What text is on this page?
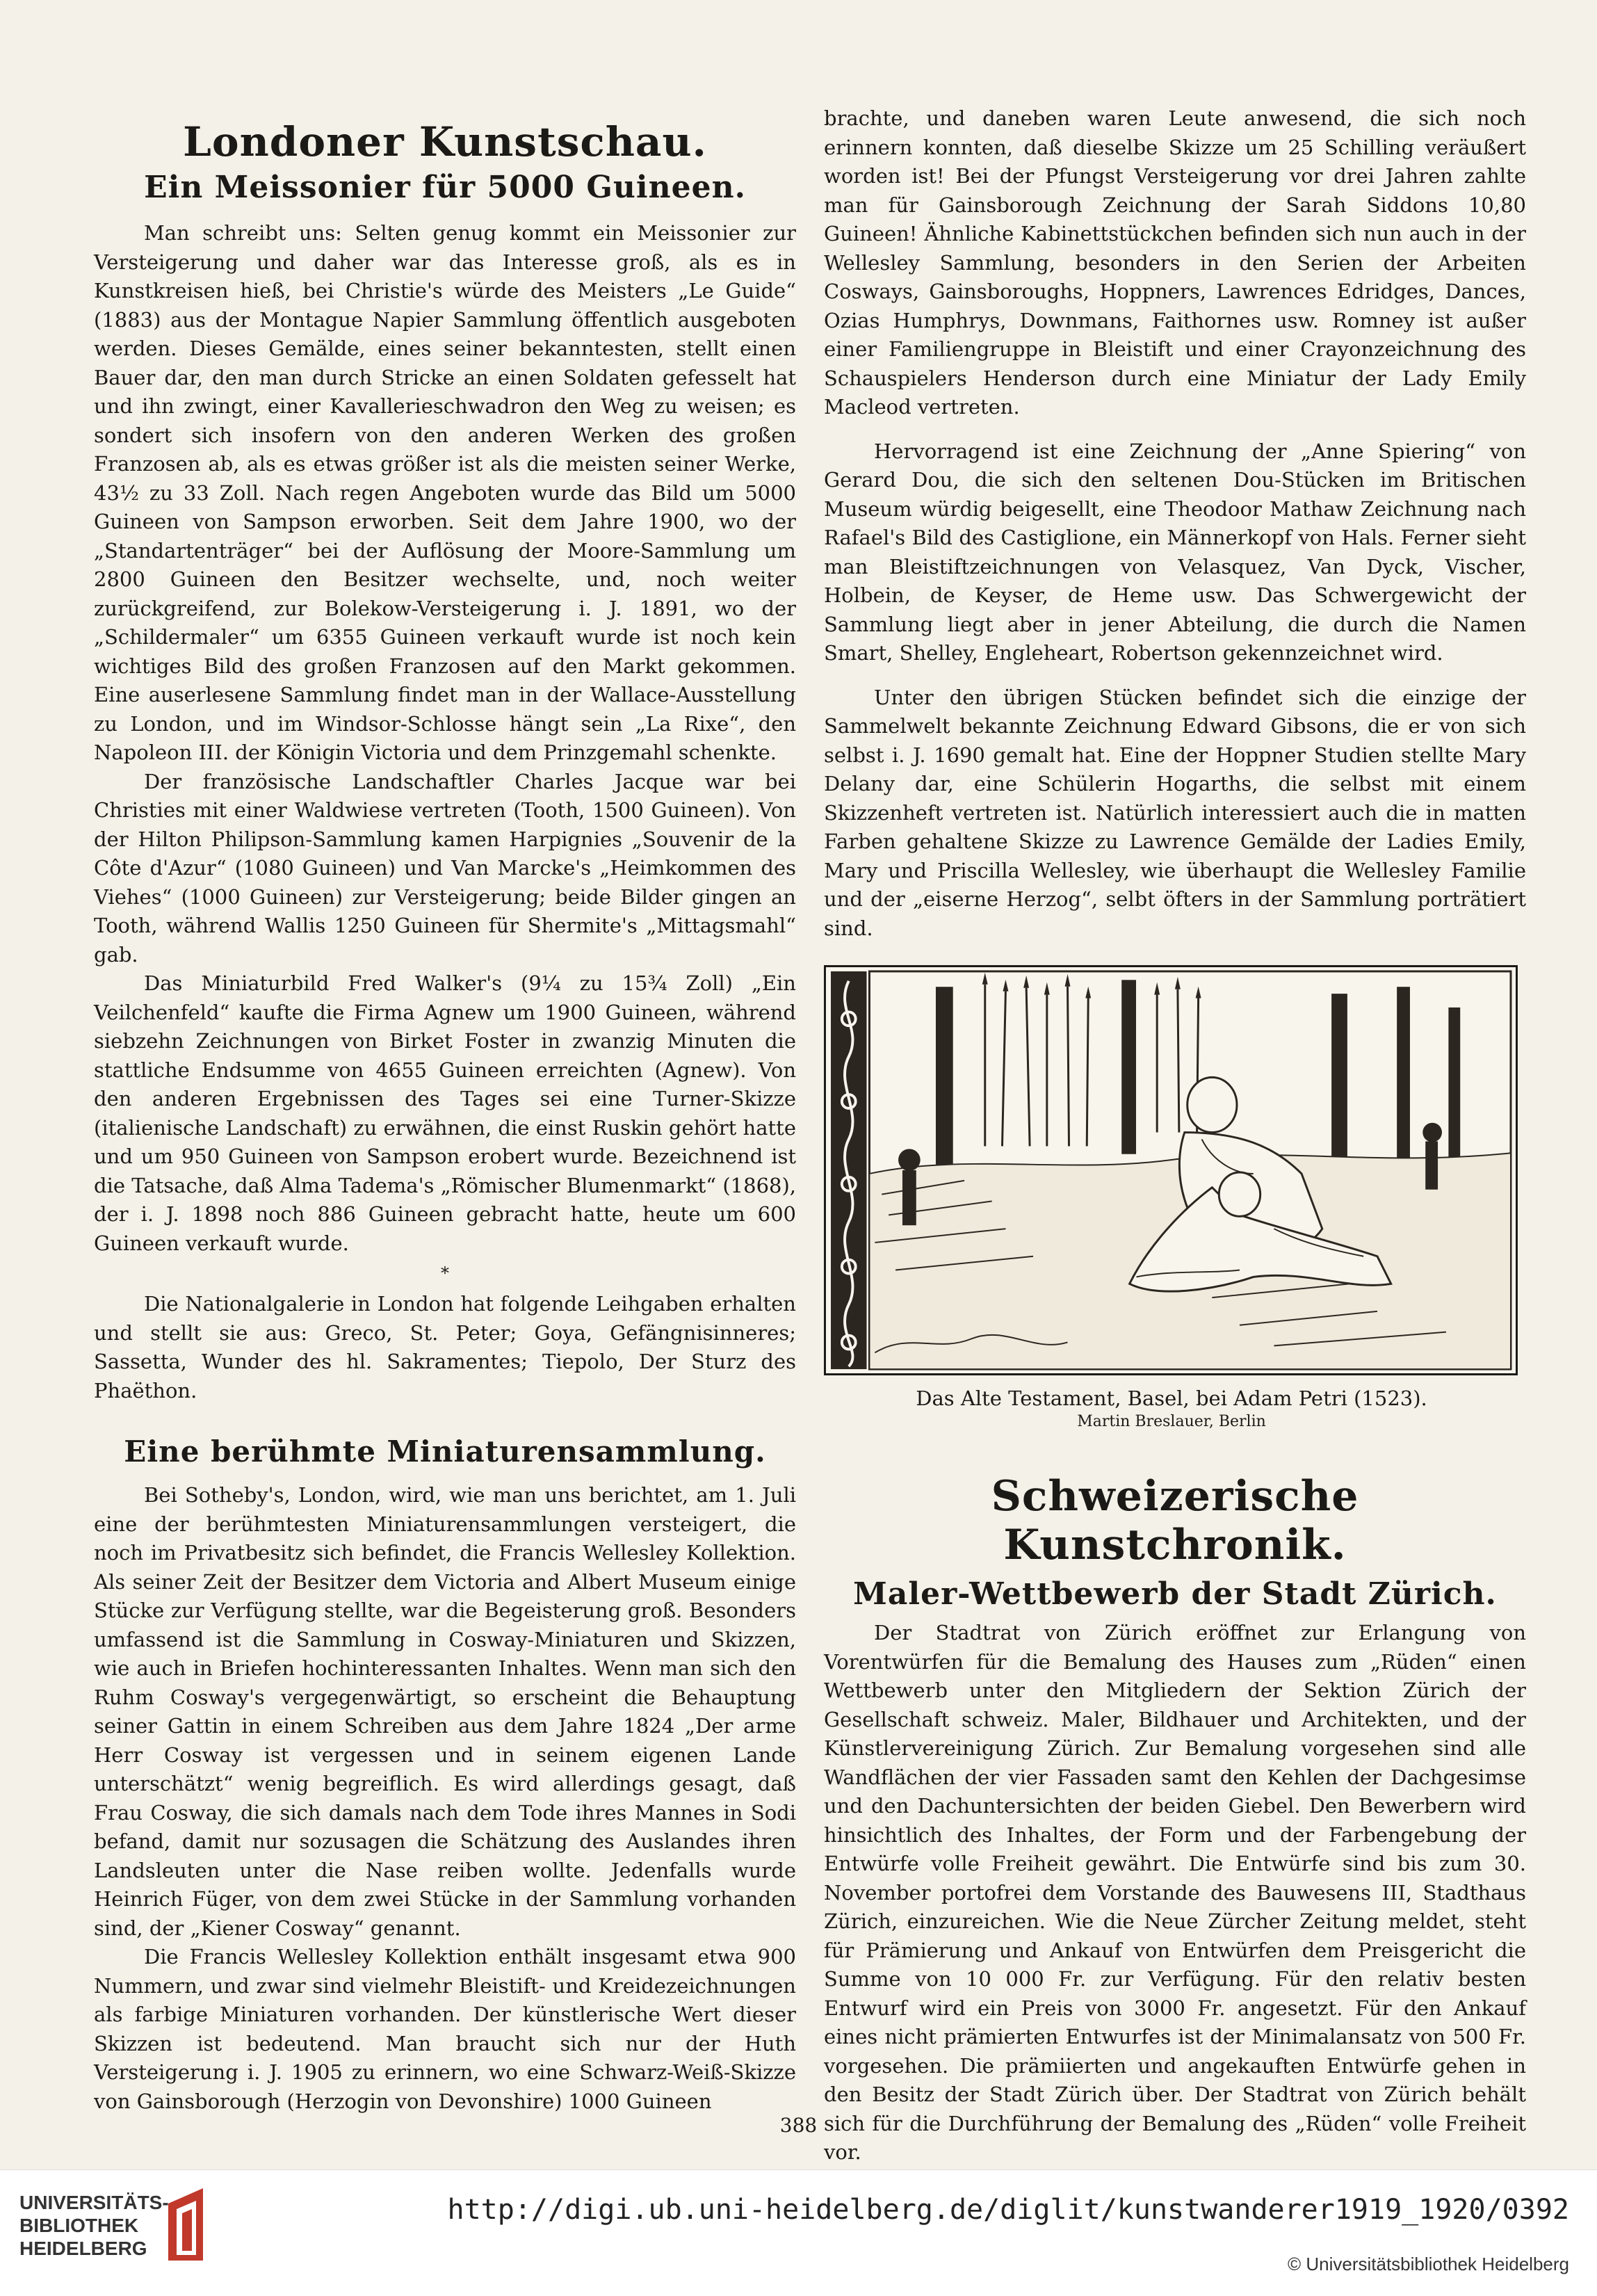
Londoner Kunstschau.
Ein Meissonier für 5000 Guineen.

Man schreibt uns: Selten genug kommt ein Meissonier zur Versteigerung und daher war das Interesse groß, als es in Kunstkreisen hieß, bei Christie's würde des Meisters „Le Guide“ (1883) aus der Montague Napier Sammlung öffentlich ausgeboten werden. Dieses Gemälde, eines seiner bekanntesten, stellt einen Bauer dar, den man durch Stricke an einen Soldaten gefesselt hat und ihn zwingt, einer Kavallerieschwadron den Weg zu weisen; es sondert sich insofern von den anderen Werken des großen Franzosen ab, als es etwas größer ist als die meisten seiner Werke, 43½ zu 33 Zoll. Nach regen Angeboten wurde das Bild um 5000 Guineen von Sampson erworben. Seit dem Jahre 1900, wo der „Standartenträger“ bei der Auflösung der Moore-Sammlung um 2800 Guineen den Besitzer wechselte, und, noch weiter zurückgreifend, zur Bolekow-Versteigerung i. J. 1891, wo der „Schildermaler“ um 6355 Guineen verkauft wurde ist noch kein wichtiges Bild des großen Franzosen auf den Markt gekommen. Eine auserlesene Sammlung findet man in der Wallace-Ausstellung zu London, und im Windsor-Schlosse hängt sein „La Rixe“, den Napoleon III. der Königin Victoria und dem Prinzgemahl schenkte.

Der französische Landschaftler Charles Jacque war bei Christies mit einer Waldwiese vertreten (Tooth, 1500 Guineen). Von der Hilton Philipson-Sammlung kamen Harpignies „Souvenir de la Côte d'Azur“ (1080 Guineen) und Van Marcke's „Heimkommen des Viehes“ (1000 Guineen) zur Versteigerung; beide Bilder gingen an Tooth, während Wallis 1250 Guineen für Shermite's „Mittagsmahl“ gab.

Das Miniaturbild Fred Walker's (9¼ zu 15¾ Zoll) „Ein Veilchenfeld“ kaufte die Firma Agnew um 1900 Guineen, während siebzehn Zeichnungen von Birket Foster in zwanzig Minuten die stattliche Endsumme von 4655 Guineen erreichten (Agnew). Von den anderen Ergebnissen des Tages sei eine Turner-Skizze (italienische Landschaft) zu erwähnen, die einst Ruskin gehört hatte und um 950 Guineen von Sampson erobert wurde. Bezeichnend ist die Tatsache, daß Alma Tadema's „Römischer Blumenmarkt“ (1868), der i. J. 1898 noch 886 Guineen gebracht hatte, heute um 600 Guineen verkauft wurde.

*

Die Nationalgalerie in London hat folgende Leihgaben erhalten und stellt sie aus: Greco, St. Peter; Goya, Gefängnisinneres; Sassetta, Wunder des hl. Sakramentes; Tiepolo, Der Sturz des Phaëthon.

Eine berühmte Miniaturensammlung.

Bei Sotheby's, London, wird, wie man uns berichtet, am 1. Juli eine der berühmtesten Miniaturensammlungen versteigert, die noch im Privatbesitz sich befindet, die Francis Wellesley Kollektion. Als seiner Zeit der Besitzer dem Victoria and Albert Museum einige Stücke zur Verfügung stellte, war die Begeisterung groß. Besonders umfassend ist die Sammlung in Cosway-Miniaturen und Skizzen, wie auch in Briefen hochinteressanten Inhaltes. Wenn man sich den Ruhm Cosway's vergegenwärtigt, so erscheint die Behauptung seiner Gattin in einem Schreiben aus dem Jahre 1824 „Der arme Herr Cosway ist vergessen und in seinem eigenen Lande unterschätzt“ wenig begreiflich. Es wird allerdings gesagt, daß Frau Cosway, die sich damals nach dem Tode ihres Mannes in Sodi befand, damit nur sozusagen die Schätzung des Auslandes ihren Landsleuten unter die Nase reiben wollte. Jedenfalls wurde Heinrich Füger, von dem zwei Stücke in der Sammlung vorhanden sind, der „Kiener Cosway“ genannt.

Die Francis Wellesley Kollektion enthält insgesamt etwa 900 Nummern, und zwar sind vielmehr Bleistift- und Kreidezeichnungen als farbige Miniaturen vorhanden. Der künstlerische Wert dieser Skizzen ist bedeutend. Man braucht sich nur der Huth Versteigerung i. J. 1905 zu erinnern, wo eine Schwarz-Weiß-Skizze von Gainsborough (Herzogin von Devonshire) 1000 Guineen

brachte, und daneben waren Leute anwesend, die sich noch erinnern konnten, daß dieselbe Skizze um 25 Schilling veräußert worden ist! Bei der Pfungst Versteigerung vor drei Jahren zahlte man für Gainsborough Zeichnung der Sarah Siddons 10,80 Guineen! Ähnliche Kabinettstückchen befinden sich nun auch in der Wellesley Sammlung, besonders in den Serien der Arbeiten Cosways, Gainsboroughs, Hoppners, Lawrences Edridges, Dances, Ozias Humphrys, Downmans, Faithornes usw. Romney ist außer einer Familiengruppe in Bleistift und einer Crayonzeichnung des Schauspielers Henderson durch eine Miniatur der Lady Emily Macleod vertreten.

Hervorragend ist eine Zeichnung der „Anne Spiering“ von Gerard Dou, die sich den seltenen Dou-Stücken im Britischen Museum würdig beigesellt, eine Theodoor Mathaw Zeichnung nach Rafael's Bild des Castiglione, ein Männerkopf von Hals. Ferner sieht man Bleistiftzeichnungen von Velasquez, Van Dyck, Vischer, Holbein, de Keyser, de Heme usw. Das Schwergewicht der Sammlung liegt aber in jener Abteilung, die durch die Namen Smart, Shelley, Engleheart, Robertson gekennzeichnet wird.

Unter den übrigen Stücken befindet sich die einzige der Sammelwelt bekannte Zeichnung Edward Gibsons, die er von sich selbst i. J. 1690 gemalt hat. Eine der Hoppner Studien stellte Mary Delany dar, eine Schülerin Hogarths, die selbst mit einem Skizzenheft vertreten ist. Natürlich interessiert auch die in matten Farben gehaltene Skizze zu Lawrence Gemälde der Ladies Emily, Mary und Priscilla Wellesley, wie überhaupt die Wellesley Familie und der „eiserne Herzog“, selbt öfters in der Sammlung porträtiert sind.

Das Alte Testament, Basel, bei Adam Petri (1523).
Martin Breslauer, Berlin
Schweizerische Kunstchronik.
Maler-Wettbewerb der Stadt Zürich.

Der Stadtrat von Zürich eröffnet zur Erlangung von Vorentwürfen für die Bemalung des Hauses zum „Rüden“ einen Wettbewerb unter den Mitgliedern der Sektion Zürich der Gesellschaft schweiz. Maler, Bildhauer und Architekten, und der Künstlervereinigung Zürich. Zur Bemalung vorgesehen sind alle Wandflächen der vier Fassaden samt den Kehlen der Dachgesimse und den Dachuntersichten der beiden Giebel. Den Bewerbern wird hinsichtlich des Inhaltes, der Form und der Farbengebung der Entwürfe volle Freiheit gewährt. Die Entwürfe sind bis zum 30. November portofrei dem Vorstande des Bauwesens III, Stadthaus Zürich, einzureichen. Wie die Neue Zürcher Zeitung meldet, steht für Prämierung und Ankauf von Entwürfen dem Preisgericht die Summe von 10 000 Fr. zur Verfügung. Für den relativ besten Entwurf wird ein Preis von 3000 Fr. angesetzt. Für den Ankauf eines nicht prämierten Entwurfes ist der Minimalansatz von 500 Fr. vorgesehen. Die prämiierten und angekauften Entwürfe gehen in den Besitz der Stadt Zürich über. Der Stadtrat von Zürich behält sich für die Durchführung der Bemalung des „Rüden“ volle Freiheit vor.

388
UNIVERSITÄTS-
BIBLIOTHEK
HEIDELBERG
http://digi.ub.uni-heidelberg.de/diglit/kunstwanderer1919_1920/0392
© Universitätsbibliothek Heidelberg
